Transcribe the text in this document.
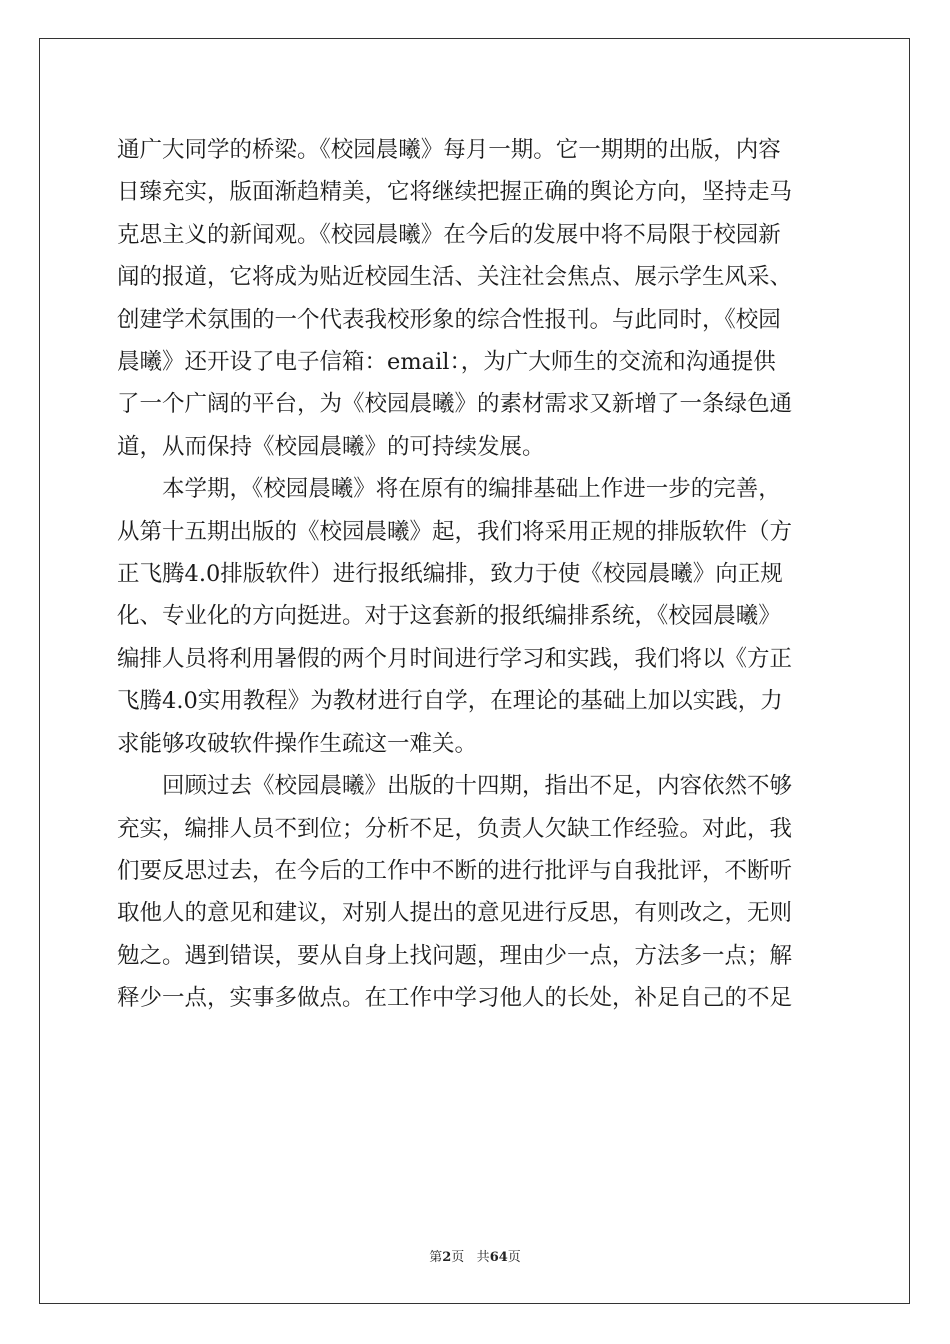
通广大同学的桥梁。《校园晨曦》每月一期。它一期期的出版，内容
日臻充实，版面渐趋精美，它将继续把握正确的舆论方向，坚持走马
克思主义的新闻观。《校园晨曦》在今后的发展中将不局限于校园新
闻的报道，它将成为贴近校园生活、关注社会焦点、展示学生风采、
创建学术氛围的一个代表我校形象的综合性报刊。与此同时，《校园
晨曦》还开设了电子信箱：email：，为广大师生的交流和沟通提供
了一个广阔的平台，为《校园晨曦》的素材需求又新增了一条绿色通
道，从而保持《校园晨曦》的可持续发展。

本学期，《校园晨曦》将在原有的编排基础上作进一步的完善，
从第十五期出版的《校园晨曦》起，我们将采用正规的排版软件（方
正飞腾4.0排版软件）进行报纸编排，致力于使《校园晨曦》向正规
化、专业化的方向挺进。对于这套新的报纸编排系统，《校园晨曦》
编排人员将利用暑假的两个月时间进行学习和实践，我们将以《方正
飞腾4.0实用教程》为教材进行自学，在理论的基础上加以实践，力
求能够攻破软件操作生疏这一难关。

回顾过去《校园晨曦》出版的十四期，指出不足，内容依然不够
充实，编排人员不到位；分析不足，负责人欠缺工作经验。对此，我
们要反思过去，在今后的工作中不断的进行批评与自我批评，不断听
取他人的意见和建议，对别人提出的意见进行反思，有则改之，无则
勉之。遇到错误，要从自身上找问题，理由少一点，方法多一点；解
释少一点，实事多做点。在工作中学习他人的长处，补足自己的不足

第2页 共64页
